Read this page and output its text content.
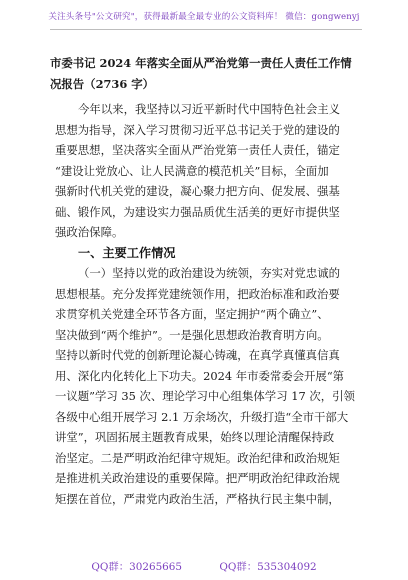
关注头条号"公文研究"，获得最新最全最专业的公文资料库！ 微信：gongwenyj
市委书记 2024 年落实全面从严治党第一责任人责任工作情
况报告（2736 字）
今年以来，我坚持以习近平新时代中国特色社会主义
思想为指导，深入学习贯彻习近平总书记关于党的建设的
重要思想，坚决落实全面从严治党第一责任人责任，锚定
“建设让党放心、让人民满意的模范机关”目标，全面加
强新时代机关党的建设，凝心聚力把方向、促发展、强基
础、锻作风，为建设实力强品质优生活美的更好市提供坚
强政治保障。
一、主要工作情况
（一）坚持以党的政治建设为统领，夯实对党忠诚的
思想根基。充分发挥党建统领作用，把政治标准和政治要
求贯穿机关党建全环节各方面，坚定拥护“两个确立”、
坚决做到“两个维护”。一是强化思想政治教育明方向。
坚持以新时代党的创新理论凝心铸魂，在真学真懂真信真
用、深化内化转化上下功夫。2024 年市委常委会开展“第
一议题”学习 35 次、理论学习中心组集体学习 17 次，引领
各级中心组开展学习 2.1 万余场次，升级打造“全市干部大
讲堂”，巩固拓展主题教育成果，始终以理论清醒保持政
治坚定。二是严明政治纪律守规矩。政治纪律和政治规矩
是推进机关政治建设的重要保障。把严明政治纪律政治规
矩摆在首位，严肃党内政治生活，严格执行民主集中制，
QQ群：30265665	QQ群：535304092
